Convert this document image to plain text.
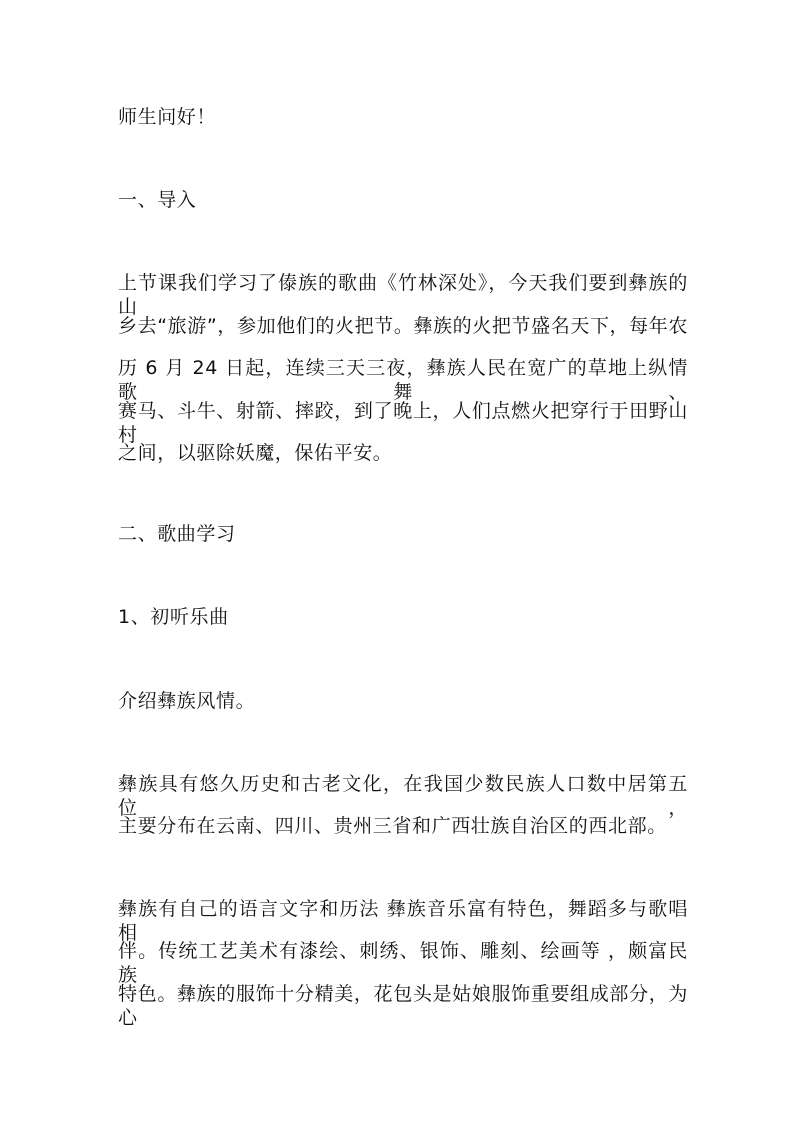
师生问好！
一、导入
上节课我们学习了傣族的歌曲《竹林深处》，今天我们要到彝族的山
乡去“旅游”，参加他们的火把节。彝族的火把节盛名天下，每年农
历 6 月 24 日起，连续三天三夜，彝族人民在宽广的草地上纵情歌舞、
赛马、斗牛、射箭、摔跤，到了晚上，人们点燃火把穿行于田野山村
之间，以驱除妖魔，保佑平安。
二、歌曲学习
1、初听乐曲
介绍彝族风情。
彝族具有悠久历史和古老文化，在我国少数民族人口数中居第五位，
主要分布在云南、四川、贵州三省和广西壮族自治区的西北部。
彝族有自己的语言文字和历法 彝族音乐富有特色，舞蹈多与歌唱相
伴。传统工艺美术有漆绘、刺绣、银饰、雕刻、绘画等 ，颇富民族
特色。彝族的服饰十分精美，花包头是姑娘服饰重要组成部分，为心
